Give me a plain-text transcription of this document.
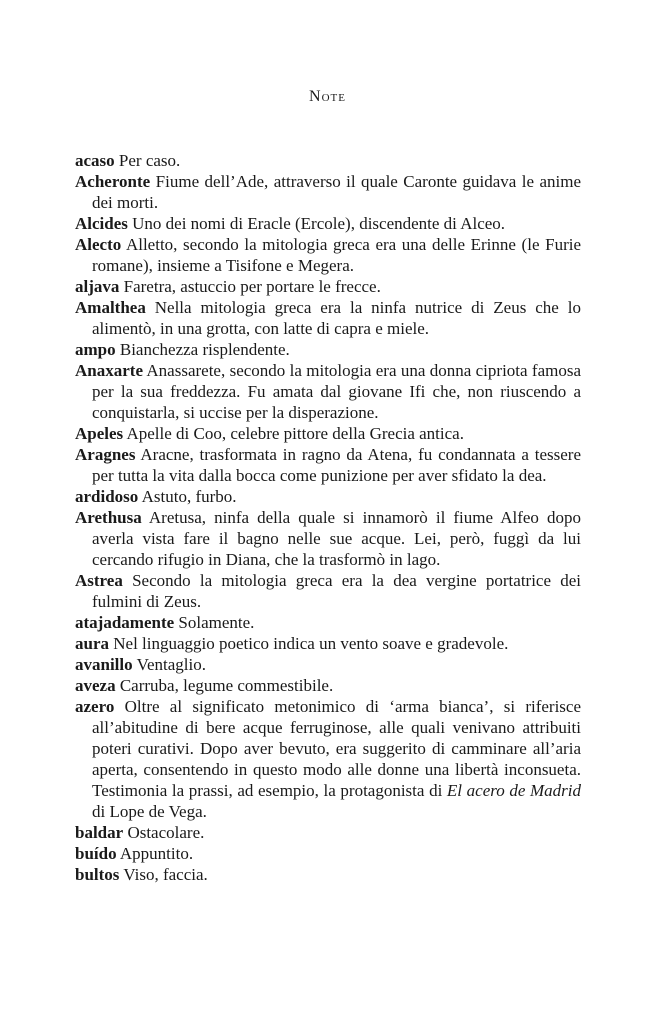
Note
acaso Per caso.
Acheronte Fiume dell’Ade, attraverso il quale Caronte guidava le anime dei morti.
Alcides Uno dei nomi di Eracle (Ercole), discendente di Alceo.
Alecto Alletto, secondo la mitologia greca era una delle Erinne (le Furie romane), insieme a Tisifone e Megera.
aljava Faretra, astuccio per portare le frecce.
Amalthea Nella mitologia greca era la ninfa nutrice di Zeus che lo alimentò, in una grotta, con latte di capra e miele.
ampo Bianchezza risplendente.
Anaxarte Anassarete, secondo la mitologia era una donna cipriota famosa per la sua freddezza. Fu amata dal giovane Ifi che, non riuscendo a conquistarla, si uccise per la disperazione.
Apeles Apelle di Coo, celebre pittore della Grecia antica.
Aragnes Aracne, trasformata in ragno da Atena, fu condannata a tessere per tutta la vita dalla bocca come punizione per aver sfidato la dea.
ardidoso Astuto, furbo.
Arethusa Aretusa, ninfa della quale si innamorò il fiume Alfeo dopo averla vista fare il bagno nelle sue acque. Lei, però, fuggì da lui cercando rifugio in Diana, che la trasformò in lago.
Astrea Secondo la mitologia greca era la dea vergine portatrice dei fulmini di Zeus.
atajadamente Solamente.
aura Nel linguaggio poetico indica un vento soave e gradevole.
avanillo Ventaglio.
aveza Carruba, legume commestibile.
azero Oltre al significato metonimico di ‘arma bianca’, si riferisce all’abitudine di bere acque ferruginose, alle quali venivano attribuiti poteri curativi. Dopo aver bevuto, era suggerito di camminare all’aria aperta, consentendo in questo modo alle donne una libertà inconsueta. Testimonia la prassi, ad esempio, la protagonista di El acero de Madrid di Lope de Vega.
baldar Ostacolare.
buído Appuntito.
bultos Viso, faccia.
